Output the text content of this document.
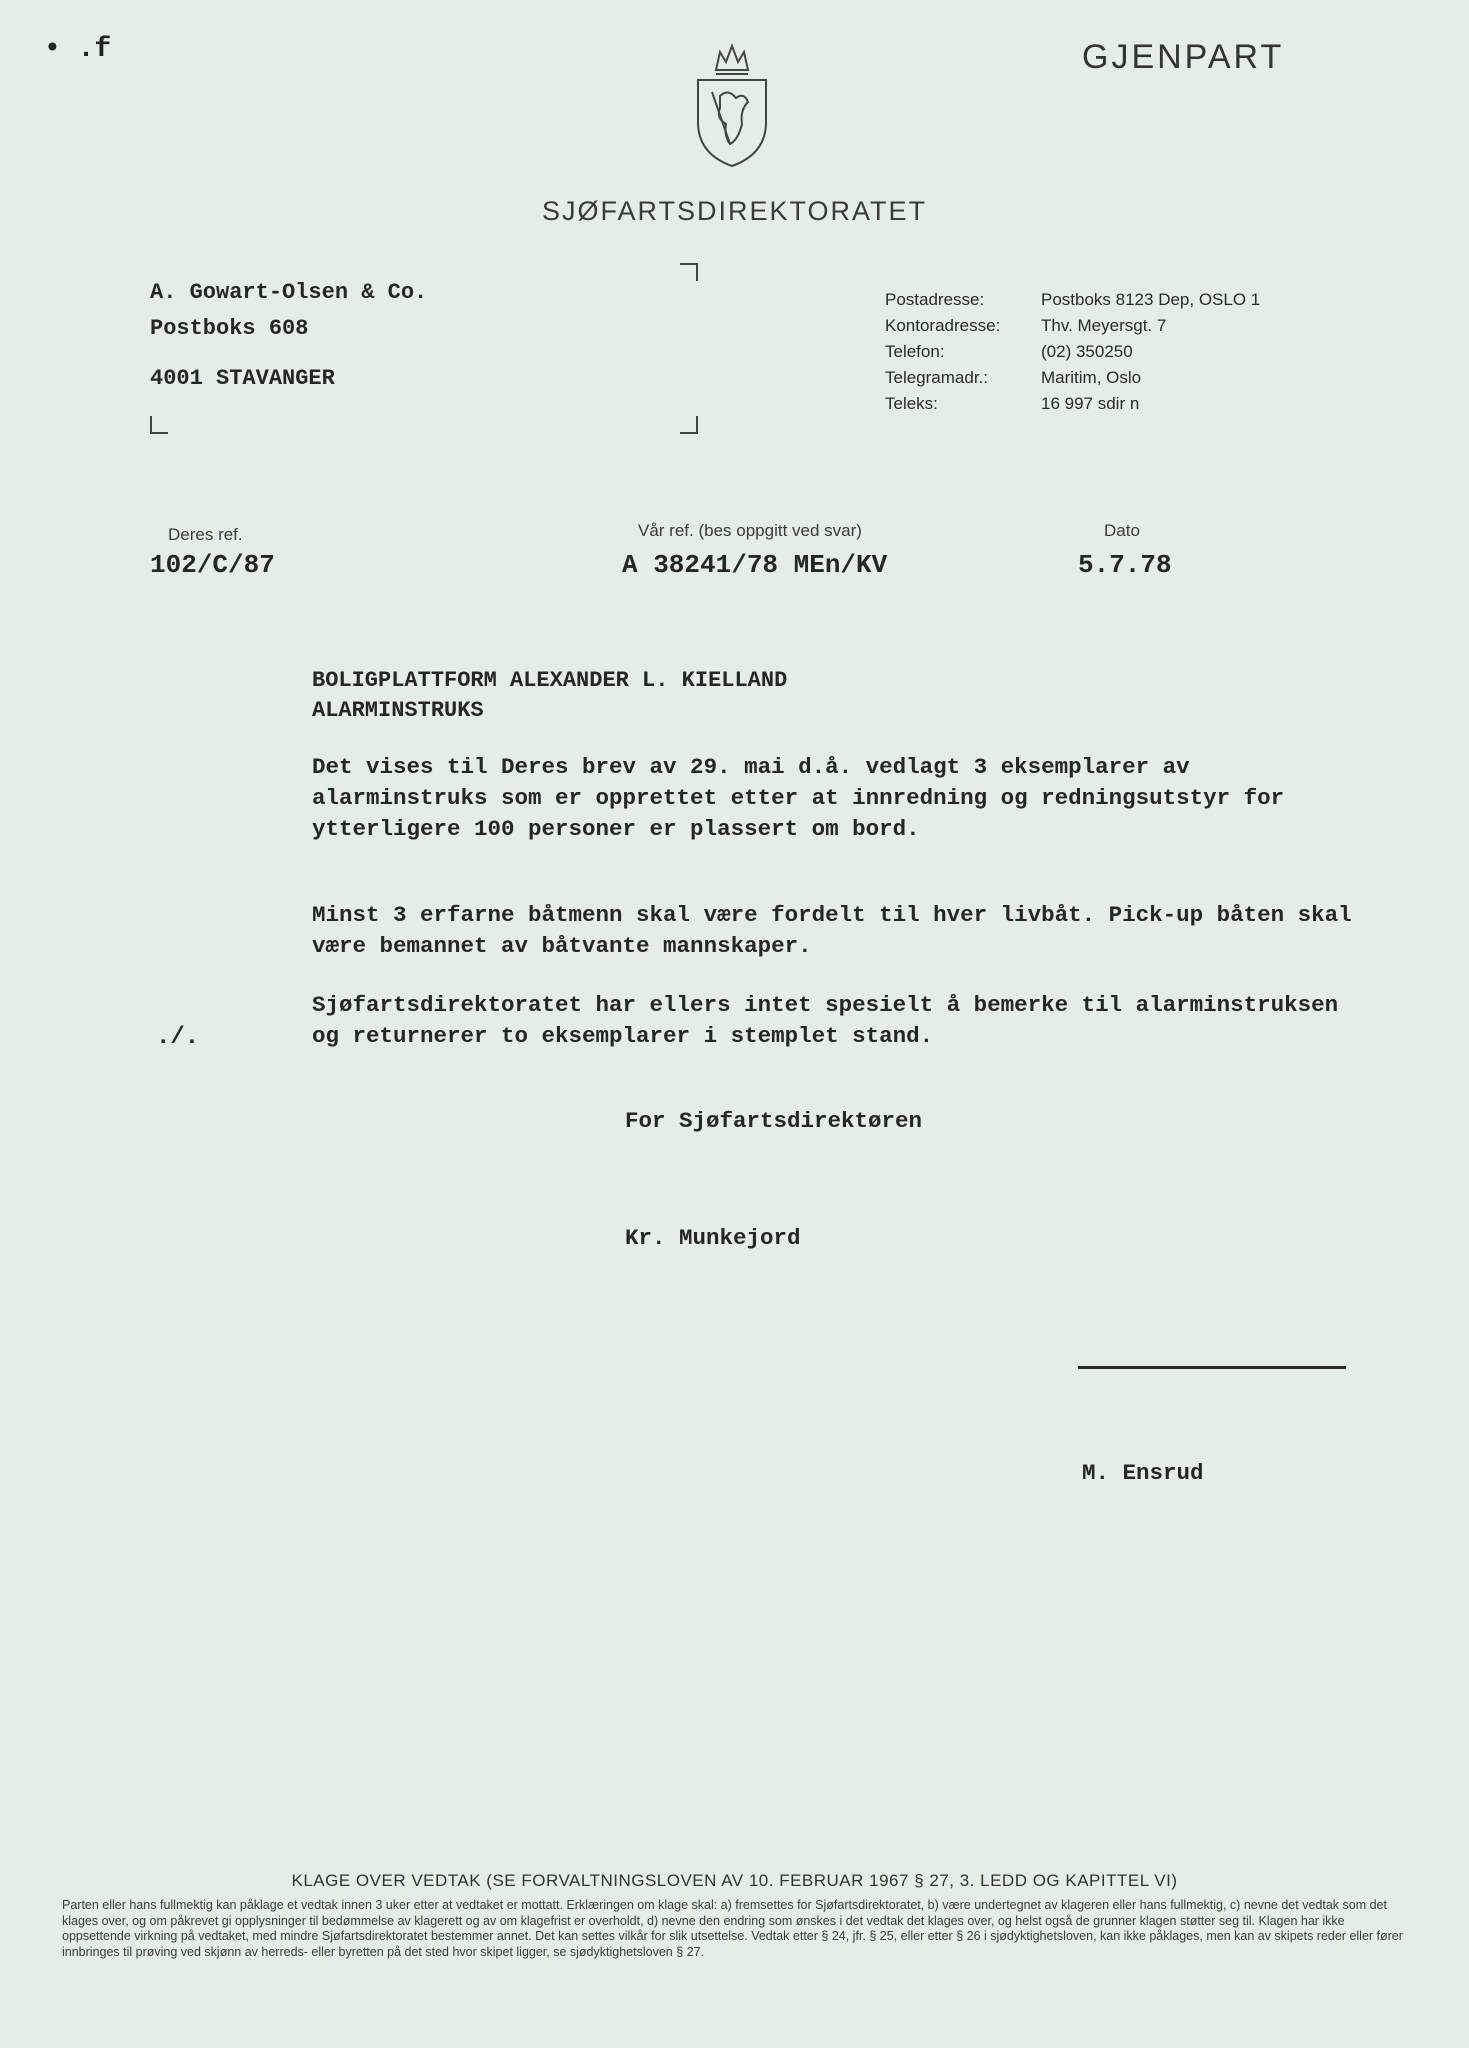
• .f	GJENPART
SJØFARTSDIREKTORATET
A. Gowart-Olsen & Co.
Postboks 608
4001 STAVANGER
Postadresse:	Postboks 8123 Dep, OSLO 1
Kontoradresse: Thv. Meyersgt. 7
Telefon:	(02) 350250
Telegramadr.:	Maritim, Oslo
Teleks:	16 997 sdir n
Deres ref.
102/C/87
Vår ref. (bes oppgitt ved svar)
A 38241/78 MEn/KV
Dato
5.7.78
BOLIGPLATTFORM ALEXANDER L. KIELLAND
ALARMINSTRUKS
Det vises til Deres brev av 29. mai d.å. vedlagt 3 eksemplarer av alarminstruks som er opprettet etter at innredning og redningsutstyr for ytterligere 100 personer er plassert om bord.
Minst 3 erfarne båtmenn skal være fordelt til hver livbåt. Pick-up båten skal være bemannet av båtvante mannskaper.
./.
Sjøfartsdirektoratet har ellers intet spesielt å bemerke til alarminstruksen og returnerer to eksemplarer i stemplet stand.
For Sjøfartsdirektøren
Kr. Munkejord
M. Ensrud
KLAGE OVER VEDTAK (SE FORVALTNINGSLOVEN AV 10. FEBRUAR 1967 § 27, 3. LEDD OG KAPITTEL VI)
Parten eller hans fullmektig kan påklage et vedtak innen 3 uker etter at vedtaket er mottatt. Erklæringen om klage skal: a) fremsettes for Sjøfartsdirektoratet, b) være undertegnet av klageren eller hans fullmektig, c) nevne det vedtak som det klages over, og om påkrevet gi opplysninger til bedømmelse av klagerett og av om klagefrist er overholdt, d) nevne den endring som ønskes i det vedtak det klages over, og helst også de grunner klagen støtter seg til. Klagen har ikke oppsettende virkning på vedtaket, med mindre Sjøfartsdirektoratet bestemmer annet. Det kan settes vilkår for slik utsettelse. Vedtak etter § 24, jfr. § 25, eller etter § 26 i sjødyktighetsloven, kan ikke påklages, men kan av skipets reder eller fører innbringes til prøving ved skjønn av herreds- eller byretten på det sted hvor skipet ligger, se sjødyktighetsloven § 27.
